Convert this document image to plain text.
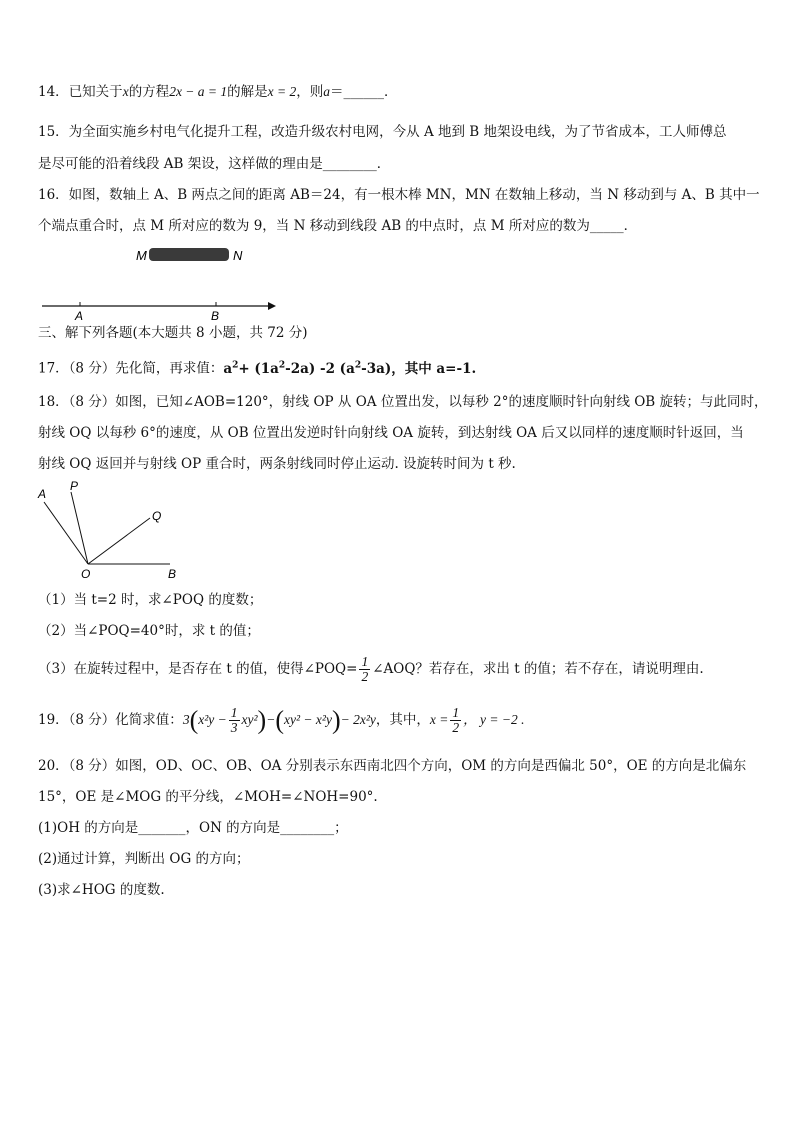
14．已知关于x的方程2x − a = 1的解是x = 2，则a＝______．
15．为全面实施乡村电气化提升工程，改造升级农村电网，今从 A 地到 B 地架设电线，为了节省成本，工人师傅总
是尽可能的沿着线段 AB 架设，这样做的理由是________．
16．如图，数轴上 A、B 两点之间的距离 AB＝24，有一根木棒 MN，MN 在数轴上移动，当 N 移动到与 A、B 其中一
个端点重合时，点 M 所对应的数为 9，当 N 移动到线段 AB 的中点时，点 M 所对应的数为_____．
M	N
A	B
三、解下列各题(本大题共 8 小题，共 72 分)
17．（8 分）先化简，再求值：$a^2+ (1a^2-2a)$ -2 $(a^2-3a)$，其中 a=-1.
18．（8 分）如图，已知∠AOB=120°，射线 OP 从 OA 位置出发，以每秒 2°的速度顺时针向射线 OB 旋转；与此同时，
射线 OQ 以每秒 6°的速度，从 OB 位置出发逆时针向射线 OA 旋转，到达射线 OA 后又以同样的速度顺时针返回，当
射线 OQ 返回并与射线 OP 重合时，两条射线同时停止运动. 设旋转时间为 t 秒.
A
P
Q
O	B
（1）当 t=2 时，求∠POQ 的度数；
（2）当∠POQ=40°时，求 t 的值；
（3）在旋转过程中，是否存在 t 的值，使得∠POQ= $\frac{1}{2}$ ∠AOQ？若存在，求出 t 的值；若不存在，请说明理由.
19．（8 分）化简求值：$3(x^2y - \frac{1}{3} xy^2)-(xy^2 - x^2y)- 2x^2y$，其中，$x = \frac{1}{2}$ ， y = −2 .
20．（8 分）如图，OD、OC、OB、OA 分别表示东西南北四个方向，OM 的方向是西偏北 50°，OE 的方向是北偏东
15°，OE 是∠MOG 的平分线，∠MOH=∠NOH=90°.
(1)OH 的方向是_______，ON 的方向是________；
(2)通过计算，判断出 OG 的方向；
(3)求∠HOG 的度数.
